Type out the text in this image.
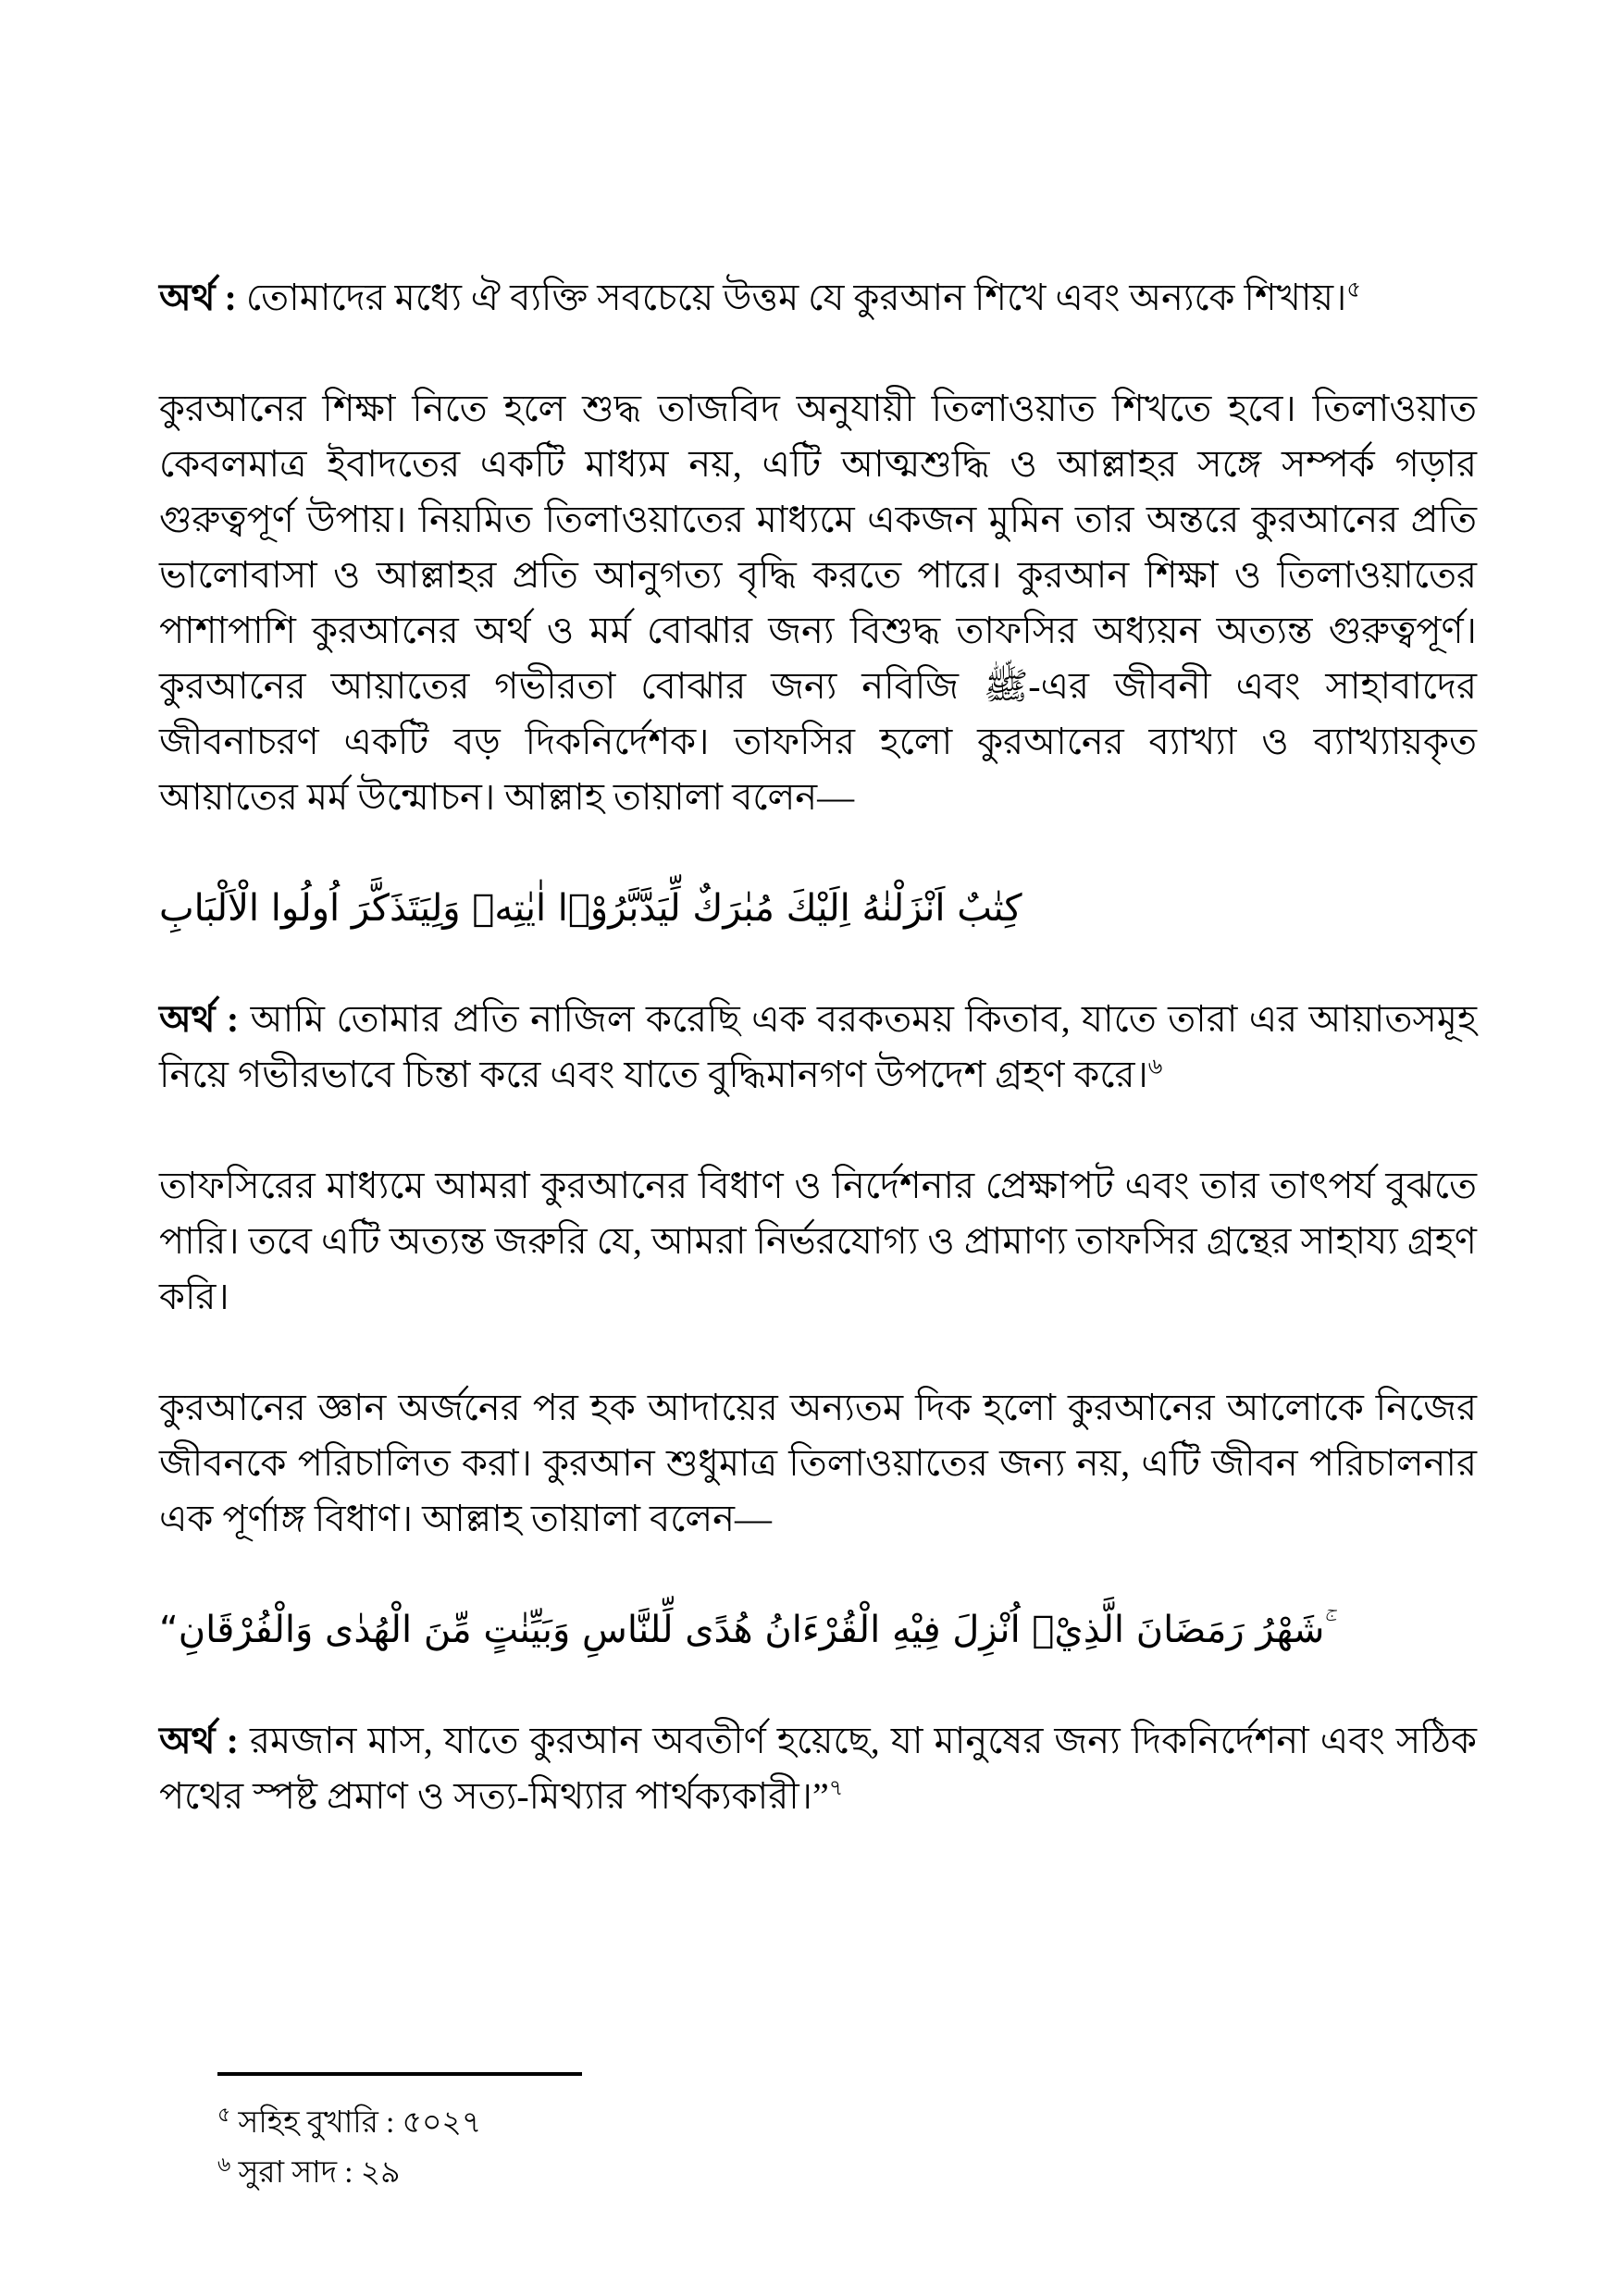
অর্থ : তোমাদের মধ্যে ঐ ব্যক্তি সবচেয়ে উত্তম যে কুরআন শিখে এবং অন্যকে শিখায়।$^৫$

কুরআনের শিক্ষা নিতে হলে শুদ্ধ তাজবিদ অনুযায়ী তিলাওয়াত শিখতে হবে। তিলাওয়াত কেবলমাত্র ইবাদতের একটি মাধ্যম নয়, এটি আত্মশুদ্ধি ও আল্লাহর সঙ্গে সম্পর্ক গড়ার গুরুত্বপূর্ণ উপায়। নিয়মিত তিলাওয়াতের মাধ্যমে একজন মুমিন তার অন্তরে কুরআনের প্রতি ভালোবাসা ও আল্লাহর প্রতি আনুগত্য বৃদ্ধি করতে পারে। কুরআন শিক্ষা ও তিলাওয়াতের পাশাপাশি কুরআনের অর্থ ও মর্ম বোঝার জন্য বিশুদ্ধ তাফসির অধ্যয়ন অত্যন্ত গুরুত্বপূর্ণ। কুরআনের আয়াতের গভীরতা বোঝার জন্য নবিজি ﷺ-এর জীবনী এবং সাহাবাদের জীবনাচরণ একটি বড় দিকনির্দেশক। তাফসির হলো কুরআনের ব্যাখ্যা ও ব্যাখ্যায়কৃত আয়াতের মর্ম উন্মোচন। আল্লাহ তায়ালা বলেন—

كِتٰبٌ اَنْزَلْنٰهُ اِلَيْكَ مُبٰرَكٌ لِّيَدَّبَّرُوْۤا اٰيٰتِهٖ وَلِيَتَذَكَّرَ اُولُوا الْاَلْبَابِ

অর্থ : আমি তোমার প্রতি নাজিল করেছি এক বরকতময় কিতাব, যাতে তারা এর আয়াতসমূহ নিয়ে গভীরভাবে চিন্তা করে এবং যাতে বুদ্ধিমানগণ উপদেশ গ্রহণ করে।$^৬$

তাফসিরের মাধ্যমে আমরা কুরআনের বিধাণ ও নির্দেশনার প্রেক্ষাপট এবং তার তাৎপর্য বুঝতে পারি। তবে এটি অত্যন্ত জরুরি যে, আমরা নির্ভরযোগ্য ও প্রামাণ্য তাফসির গ্রন্থের সাহায্য গ্রহণ করি।

কুরআনের জ্ঞান অর্জনের পর হক আদায়ের অন্যতম দিক হলো কুরআনের আলোকে নিজের জীবনকে পরিচালিত করা। কুরআন শুধুমাত্র তিলাওয়াতের জন্য নয়, এটি জীবন পরিচালনার এক পূর্ণাঙ্গ বিধাণ। আল্লাহ তায়ালা বলেন—

“شَهْرُ رَمَضَانَ الَّذِيْۤ اُنْزِلَ فِيْهِ الْقُرْءَانُ هُدًى لِّلنَّاسِ وَبَيِّنٰتٍ مِّنَ الْهُدٰى وَالْفُرْقَانِ ۚ

অর্থ : রমজান মাস, যাতে কুরআন অবতীর্ণ হয়েছে, যা মানুষের জন্য দিকনির্দেশনা এবং সঠিক পথের স্পষ্ট প্রমাণ ও সত্য-মিথ্যার পার্থক্যকারী।”$^৭$

$^৫$ সহিহ বুখারি : ৫০২৭

$^৬$ সুরা সাদ : ২৯
